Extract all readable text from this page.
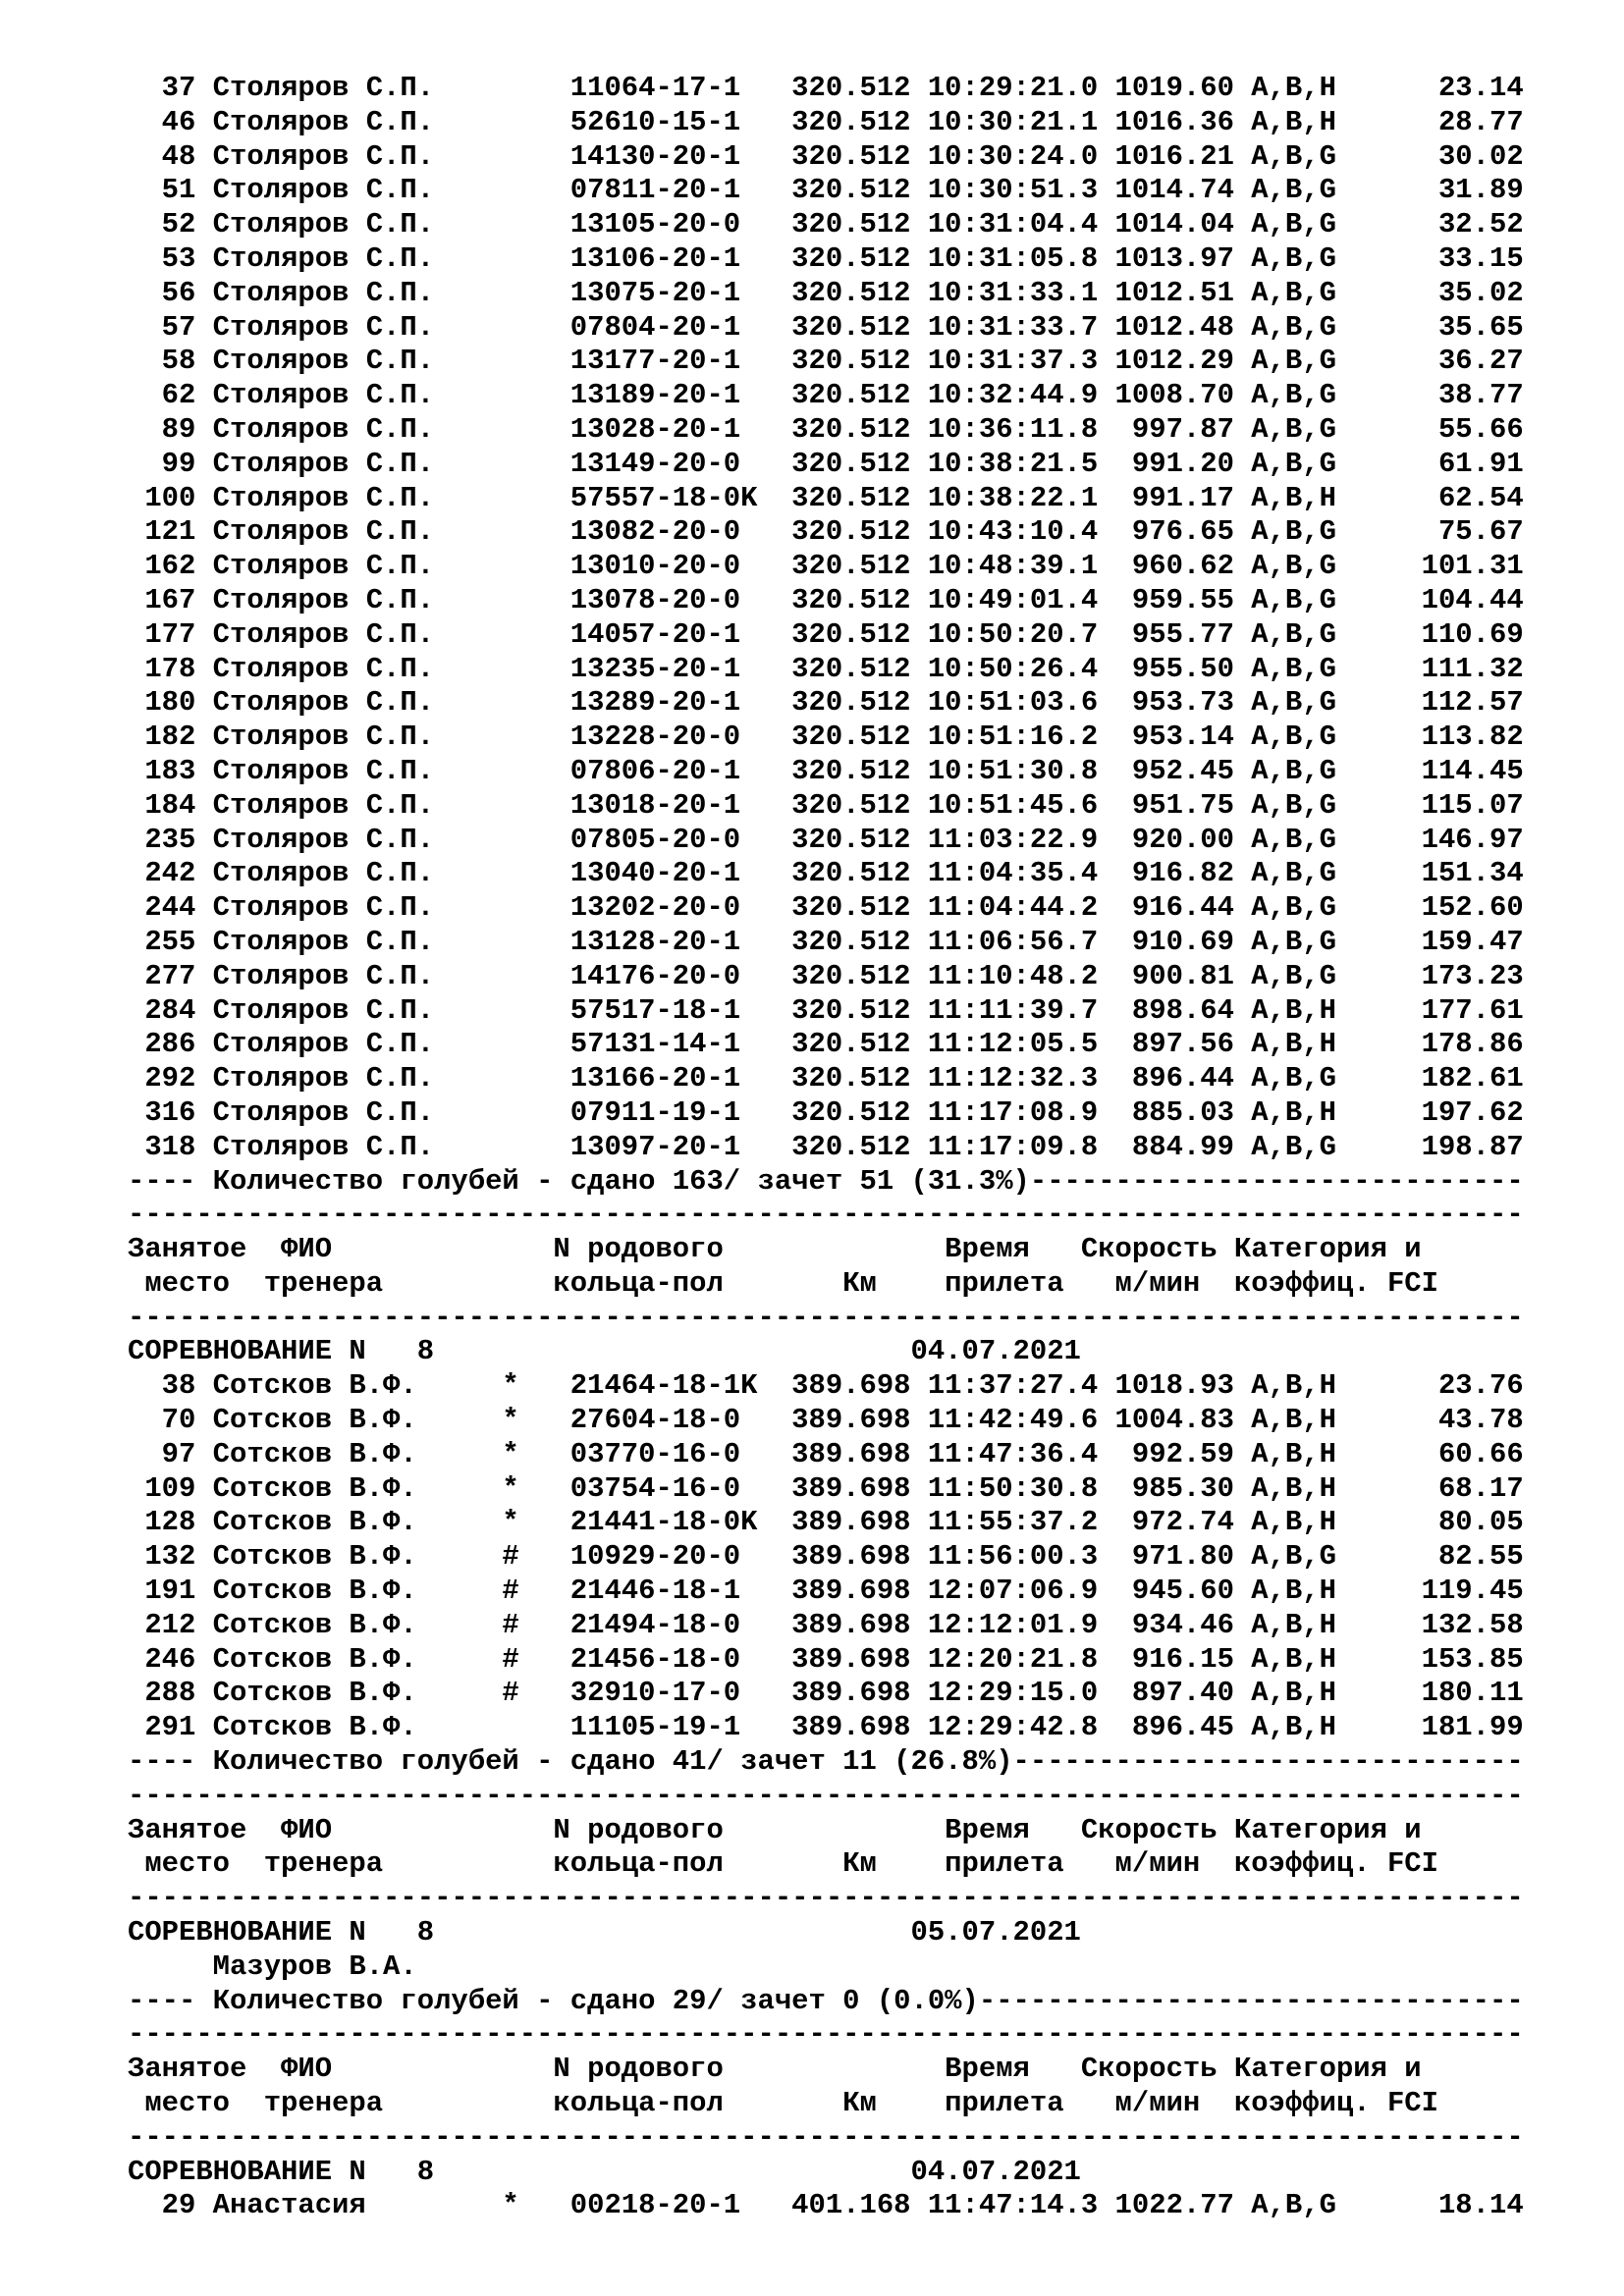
37 Столяров С.П.        11064-17-1   320.512 10:29:21.0 1019.60 A,B,H      23.14
46 Столяров С.П.        52610-15-1   320.512 10:30:21.1 1016.36 A,B,H      28.77
48 Столяров С.П.        14130-20-1   320.512 10:30:24.0 1016.21 A,B,G      30.02
51 Столяров С.П.        07811-20-1   320.512 10:30:51.3 1014.74 A,B,G      31.89
52 Столяров С.П.        13105-20-0   320.512 10:31:04.4 1014.04 A,B,G      32.52
53 Столяров С.П.        13106-20-1   320.512 10:31:05.8 1013.97 A,B,G      33.15
56 Столяров С.П.        13075-20-1   320.512 10:31:33.1 1012.51 A,B,G      35.02
57 Столяров С.П.        07804-20-1   320.512 10:31:33.7 1012.48 A,B,G      35.65
58 Столяров С.П.        13177-20-1   320.512 10:31:37.3 1012.29 A,B,G      36.27
62 Столяров С.П.        13189-20-1   320.512 10:32:44.9 1008.70 A,B,G      38.77
89 Столяров С.П.        13028-20-1   320.512 10:36:11.8  997.87 A,B,G      55.66
99 Столяров С.П.        13149-20-0   320.512 10:38:21.5  991.20 A,B,G      61.91
100 Столяров С.П.        57557-18-0K  320.512 10:38:22.1  991.17 A,B,H      62.54
121 Столяров С.П.        13082-20-0   320.512 10:43:10.4  976.65 A,B,G      75.67
162 Столяров С.П.        13010-20-0   320.512 10:48:39.1  960.62 A,B,G     101.31
167 Столяров С.П.        13078-20-0   320.512 10:49:01.4  959.55 A,B,G     104.44
177 Столяров С.П.        14057-20-1   320.512 10:50:20.7  955.77 A,B,G     110.69
178 Столяров С.П.        13235-20-1   320.512 10:50:26.4  955.50 A,B,G     111.32
180 Столяров С.П.        13289-20-1   320.512 10:51:03.6  953.73 A,B,G     112.57
182 Столяров С.П.        13228-20-0   320.512 10:51:16.2  953.14 A,B,G     113.82
183 Столяров С.П.        07806-20-1   320.512 10:51:30.8  952.45 A,B,G     114.45
184 Столяров С.П.        13018-20-1   320.512 10:51:45.6  951.75 A,B,G     115.07
235 Столяров С.П.        07805-20-0   320.512 11:03:22.9  920.00 A,B,G     146.97
242 Столяров С.П.        13040-20-1   320.512 11:04:35.4  916.82 A,B,G     151.34
244 Столяров С.П.        13202-20-0   320.512 11:04:44.2  916.44 A,B,G     152.60
255 Столяров С.П.        13128-20-1   320.512 11:06:56.7  910.69 A,B,G     159.47
277 Столяров С.П.        14176-20-0   320.512 11:10:48.2  900.81 A,B,G     173.23
284 Столяров С.П.        57517-18-1   320.512 11:11:39.7  898.64 A,B,H     177.61
286 Столяров С.П.        57131-14-1   320.512 11:12:05.5  897.56 A,B,H     178.86
292 Столяров С.П.        13166-20-1   320.512 11:12:32.3  896.44 A,B,G     182.61
316 Столяров С.П.        07911-19-1   320.512 11:17:08.9  885.03 A,B,H     197.62
318 Столяров С.П.        13097-20-1   320.512 11:17:09.8  884.99 A,B,G     198.87
---- Количество голубей - сдано 163/ зачет 51 (31.3%)-----------------------------
----------------------------------------------------------------------------------
Занятое  ФИО             N родового             Время   Скорость Категория и
место  тренера          кольца-пол       Км    прилета   м/мин  коэффиц. FCI
----------------------------------------------------------------------------------
СОРЕВНОВАНИЕ N   8                            04.07.2021
38 Сотсков В.Ф.     *   21464-18-1K  389.698 11:37:27.4 1018.93 A,B,H      23.76
70 Сотсков В.Ф.     *   27604-18-0   389.698 11:42:49.6 1004.83 A,B,H      43.78
97 Сотсков В.Ф.     *   03770-16-0   389.698 11:47:36.4  992.59 A,B,H      60.66
109 Сотсков В.Ф.     *   03754-16-0   389.698 11:50:30.8  985.30 A,B,H      68.17
128 Сотсков В.Ф.     *   21441-18-0K  389.698 11:55:37.2  972.74 A,B,H      80.05
132 Сотсков В.Ф.     #   10929-20-0   389.698 11:56:00.3  971.80 A,B,G      82.55
191 Сотсков В.Ф.     #   21446-18-1   389.698 12:07:06.9  945.60 A,B,H     119.45
212 Сотсков В.Ф.     #   21494-18-0   389.698 12:12:01.9  934.46 A,B,H     132.58
246 Сотсков В.Ф.     #   21456-18-0   389.698 12:20:21.8  916.15 A,B,H     153.85
288 Сотсков В.Ф.     #   32910-17-0   389.698 12:29:15.0  897.40 A,B,H     180.11
291 Сотсков В.Ф.         11105-19-1   389.698 12:29:42.8  896.45 A,B,H     181.99
---- Количество голубей - сдано 41/ зачет 11 (26.8%)------------------------------
----------------------------------------------------------------------------------
Занятое  ФИО             N родового             Время   Скорость Категория и
место  тренера          кольца-пол       Км    прилета   м/мин  коэффиц. FCI
----------------------------------------------------------------------------------
СОРЕВНОВАНИЕ N   8                            05.07.2021
Мазуров В.А.
---- Количество голубей - сдано 29/ зачет 0 (0.0%)--------------------------------
----------------------------------------------------------------------------------
Занятое  ФИО             N родового             Время   Скорость Категория и
место  тренера          кольца-пол       Км    прилета   м/мин  коэффиц. FCI
----------------------------------------------------------------------------------
СОРЕВНОВАНИЕ N   8                            04.07.2021
29 Анастасия        *   00218-20-1   401.168 11:47:14.3 1022.77 A,B,G      18.14
